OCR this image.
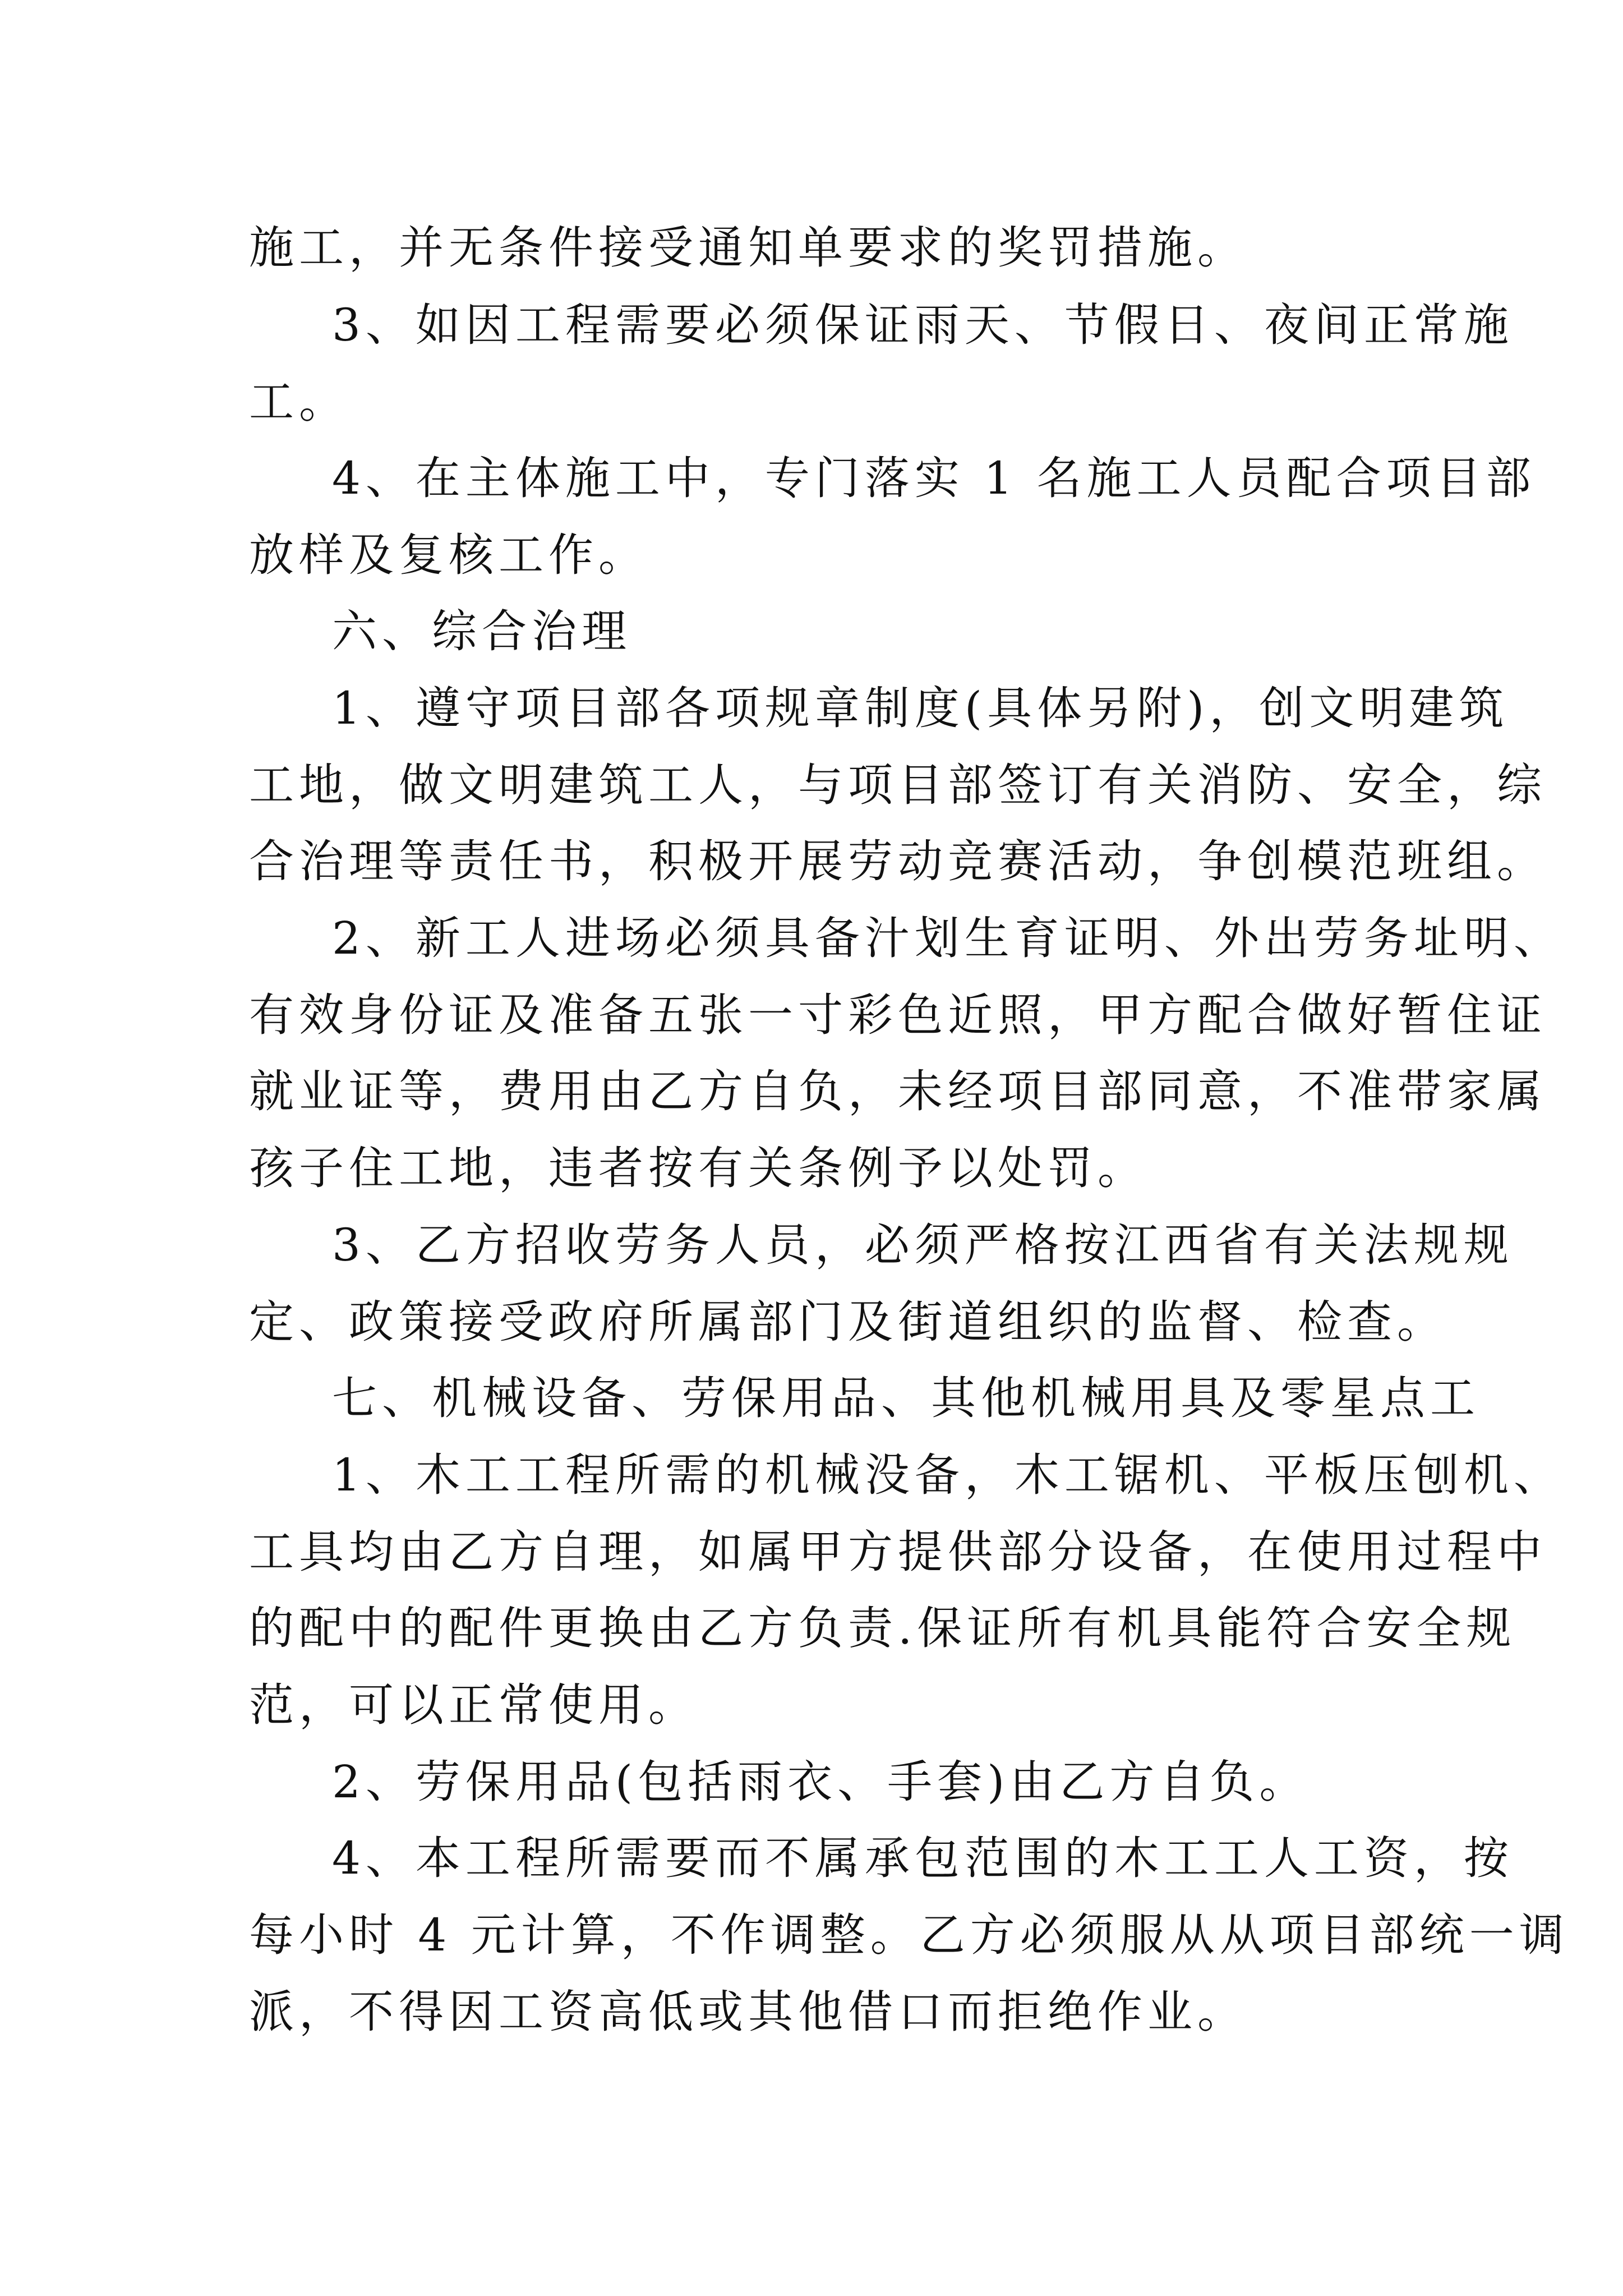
施工，并无条件接受通知单要求的奖罚措施。
3、如因工程需要必须保证雨天、节假日、夜间正常施
工。
4、在主体施工中，专门落实 1 名施工人员配合项目部
放样及复核工作。
六、综合治理
1、遵守项目部各项规章制度(具体另附)，创文明建筑
工地，做文明建筑工人，与项目部签订有关消防、安全，综
合治理等责任书，积极开展劳动竞赛活动，争创模范班组。
2、新工人进场必须具备汁划生育证明、外出劳务址明、
有效身份证及准备五张一寸彩色近照，甲方配合做好暂住证
就业证等，费用由乙方自负，未经项目部同意，不准带家属
孩子住工地，违者按有关条例予以处罚。
3、乙方招收劳务人员，必须严格按江西省有关法规规
定、政策接受政府所属部门及街道组织的监督、检查。
七、机械设备、劳保用品、其他机械用具及零星点工
1、木工工程所需的机械没备，木工锯机、平板压刨机、
工具均由乙方自理，如属甲方提供部分设备，在使用过程中
的配中的配件更换由乙方负责.保证所有机具能符合安全规
范，可以正常使用。
2、劳保用品(包括雨衣、手套)由乙方自负。
4、本工程所需要而不属承包范围的木工工人工资，按
每小时 4 元计算，不作调整。乙方必须服从从项目部统一调
派，不得因工资高低或其他借口而拒绝作业。
